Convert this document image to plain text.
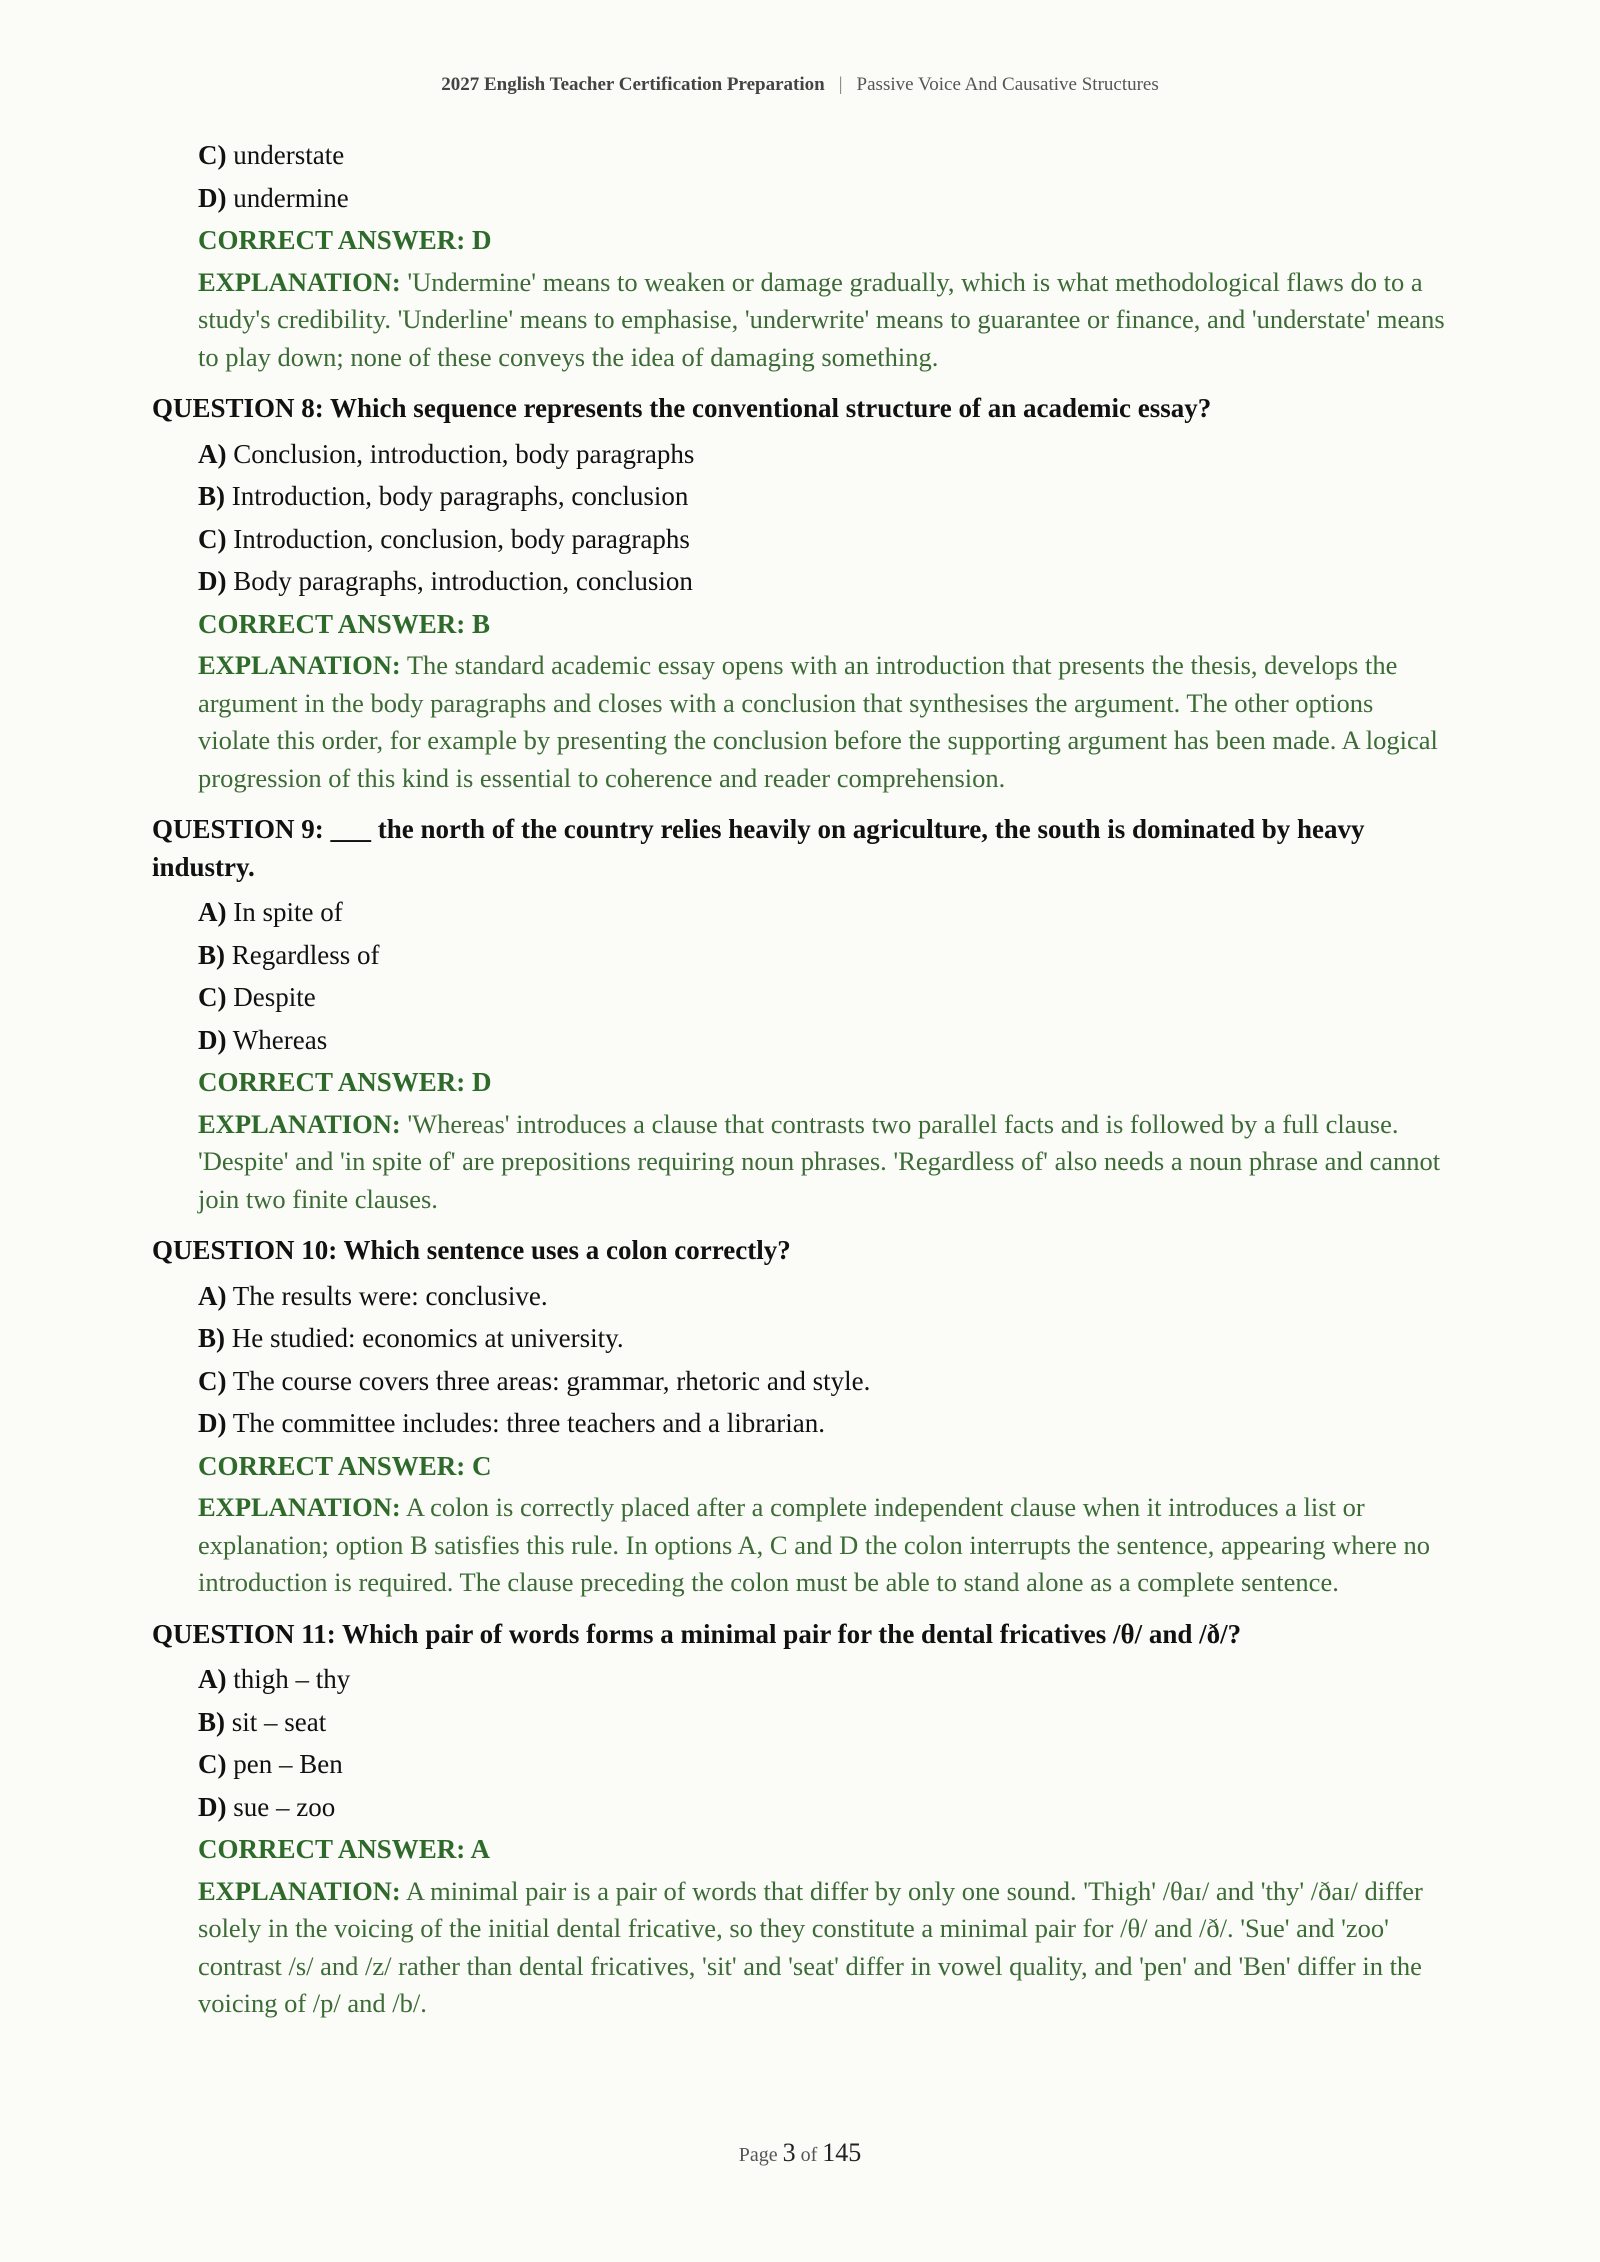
2027 English Teacher Certification Preparation | Passive Voice And Causative Structures
C) understate
D) undermine
CORRECT ANSWER: D
EXPLANATION: 'Undermine' means to weaken or damage gradually, which is what methodological flaws do to a study's credibility. 'Underline' means to emphasise, 'underwrite' means to guarantee or finance, and 'understate' means to play down; none of these conveys the idea of damaging something.
QUESTION 8: Which sequence represents the conventional structure of an academic essay?
A) Conclusion, introduction, body paragraphs
B) Introduction, body paragraphs, conclusion
C) Introduction, conclusion, body paragraphs
D) Body paragraphs, introduction, conclusion
CORRECT ANSWER: B
EXPLANATION: The standard academic essay opens with an introduction that presents the thesis, develops the argument in the body paragraphs and closes with a conclusion that synthesises the argument. The other options violate this order, for example by presenting the conclusion before the supporting argument has been made. A logical progression of this kind is essential to coherence and reader comprehension.
QUESTION 9: ___ the north of the country relies heavily on agriculture, the south is dominated by heavy industry.
A) In spite of
B) Regardless of
C) Despite
D) Whereas
CORRECT ANSWER: D
EXPLANATION: 'Whereas' introduces a clause that contrasts two parallel facts and is followed by a full clause. 'Despite' and 'in spite of' are prepositions requiring noun phrases. 'Regardless of' also needs a noun phrase and cannot join two finite clauses.
QUESTION 10: Which sentence uses a colon correctly?
A) The results were: conclusive.
B) He studied: economics at university.
C) The course covers three areas: grammar, rhetoric and style.
D) The committee includes: three teachers and a librarian.
CORRECT ANSWER: C
EXPLANATION: A colon is correctly placed after a complete independent clause when it introduces a list or explanation; option B satisfies this rule. In options A, C and D the colon interrupts the sentence, appearing where no introduction is required. The clause preceding the colon must be able to stand alone as a complete sentence.
QUESTION 11: Which pair of words forms a minimal pair for the dental fricatives /θ/ and /ð/?
A) thigh – thy
B) sit – seat
C) pen – Ben
D) sue – zoo
CORRECT ANSWER: A
EXPLANATION: A minimal pair is a pair of words that differ by only one sound. 'Thigh' /θaɪ/ and 'thy' /ðaɪ/ differ solely in the voicing of the initial dental fricative, so they constitute a minimal pair for /θ/ and /ð/. 'Sue' and 'zoo' contrast /s/ and /z/ rather than dental fricatives, 'sit' and 'seat' differ in vowel quality, and 'pen' and 'Ben' differ in the voicing of /p/ and /b/.
Page 3 of 145
